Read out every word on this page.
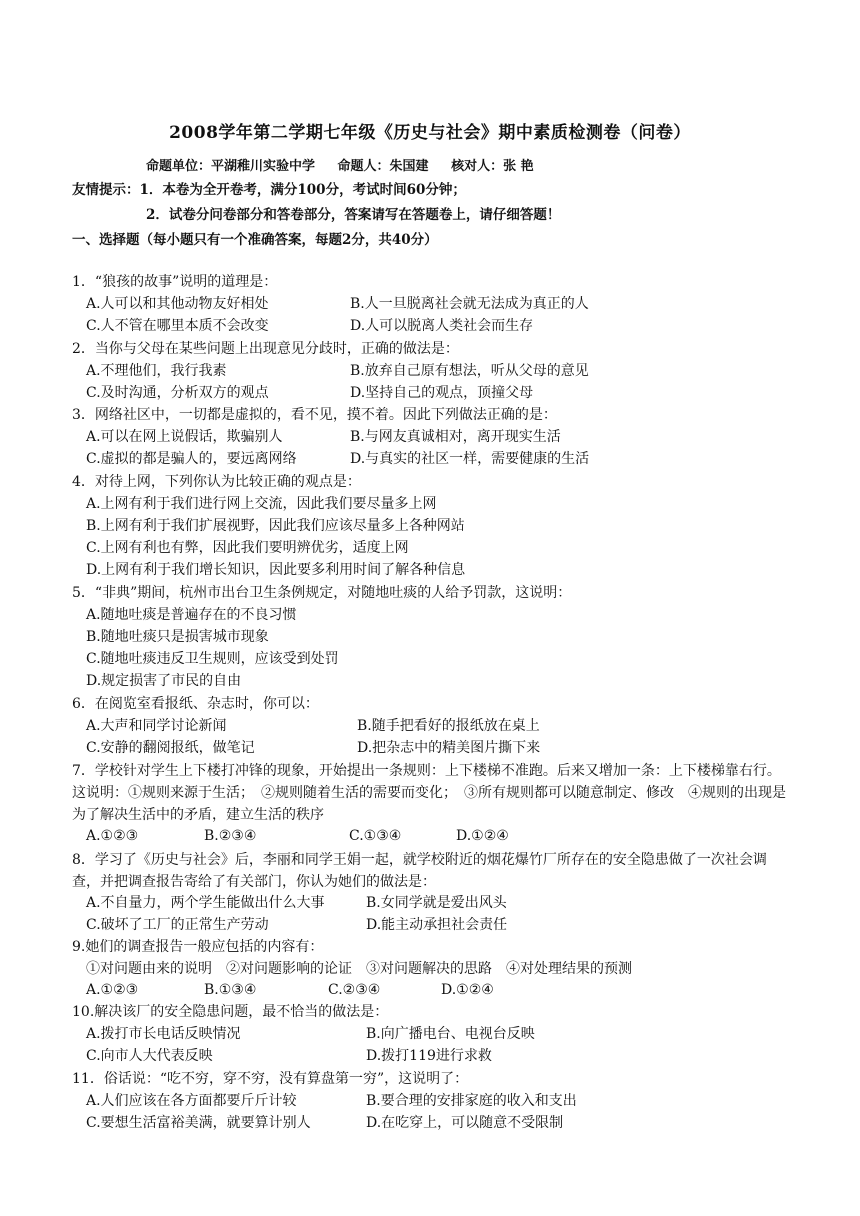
2008学年第二学期七年级《历史与社会》期中素质检测卷（问卷）
命题单位：平湖稚川实验中学 命题人：朱国建 核对人：张 艳
友情提示：1．本卷为全开卷考，满分100分，考试时间60分钟；
2．试卷分问卷部分和答卷部分，答案请写在答题卷上，请仔细答题！
一、选择题（每小题只有一个准确答案，每题2分，共40分）
1．“狼孩的故事”说明的道理是：
A.人可以和其他动物友好相处	B.人一旦脱离社会就无法成为真正的人
C.人不管在哪里本质不会改变	D.人可以脱离人类社会而生存
2．当你与父母在某些问题上出现意见分歧时，正确的做法是：
A.不理他们，我行我素	B.放弃自己原有想法，听从父母的意见
C.及时沟通，分析双方的观点	D.坚持自己的观点，顶撞父母
3．网络社区中，一切都是虚拟的，看不见，摸不着。因此下列做法正确的是：
A.可以在网上说假话，欺骗别人	B.与网友真诚相对，离开现实生活
C.虚拟的都是骗人的，要远离网络	D.与真实的社区一样，需要健康的生活
4．对待上网，下列你认为比较正确的观点是：
A.上网有利于我们进行网上交流，因此我们要尽量多上网
B.上网有利于我们扩展视野，因此我们应该尽量多上各种网站
C.上网有利也有弊，因此我们要明辨优劣，适度上网
D.上网有利于我们增长知识，因此要多利用时间了解各种信息
5．“非典”期间，杭州市出台卫生条例规定，对随地吐痰的人给予罚款，这说明：
A.随地吐痰是普遍存在的不良习惯
B.随地吐痰只是损害城市现象
C.随地吐痰违反卫生规则，应该受到处罚
D.规定损害了市民的自由
6．在阅览室看报纸、杂志时，你可以：
A.大声和同学讨论新闻	B.随手把看好的报纸放在桌上
C.安静的翻阅报纸，做笔记	D.把杂志中的精美图片撕下来
7．学校针对学生上下楼打冲锋的现象，开始提出一条规则：上下楼梯不准跑。后来又增加一条：上下楼梯靠右行。这说明：①规则来源于生活；　②规则随着生活的需要而变化；　③所有规则都可以随意制定、修改　④规则的出现是为了解决生活中的矛盾，建立生活的秩序
A.①②③	B.②③④	C.①③④	D.①②④
8．学习了《历史与社会》后，李丽和同学王娟一起，就学校附近的烟花爆竹厂所存在的安全隐患做了一次社会调查，并把调查报告寄给了有关部门，你认为她们的做法是：
A.不自量力，两个学生能做出什么大事	B.女同学就是爱出风头
C.破坏了工厂的正常生产劳动	D.能主动承担社会责任
9.她们的调查报告一般应包括的内容有：
①对问题由来的说明　②对问题影响的论证　③对问题解决的思路　④对处理结果的预测
A.①②③	B.①③④	C.②③④	D.①②④
10.解决该厂的安全隐患问题，最不恰当的做法是：
A.拨打市长电话反映情况	B.向广播电台、电视台反映
C.向市人大代表反映	D.拨打119进行求救
11．俗话说：“吃不穷，穿不穷，没有算盘第一穷”，这说明了：
A.人们应该在各方面都要斤斤计较	B.要合理的安排家庭的收入和支出
C.要想生活富裕美满，就要算计别人	D.在吃穿上，可以随意不受限制
